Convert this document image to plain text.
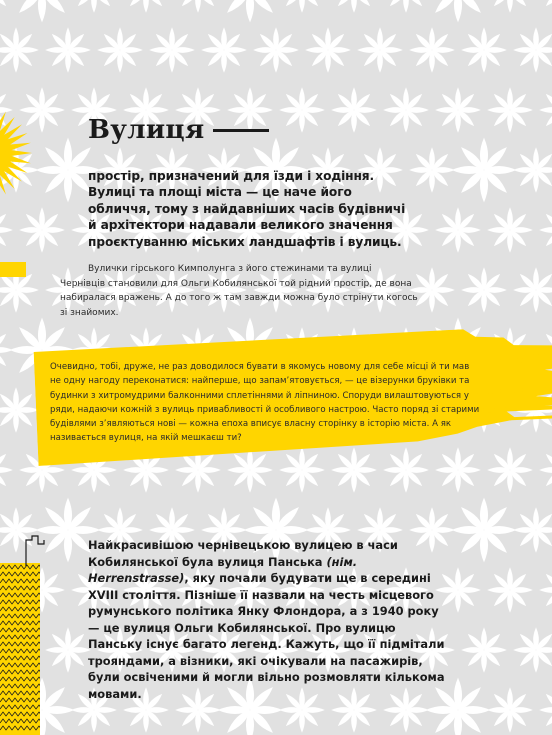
Вулиця

простір, призначений для їзди і ходіння. Вулиці та площі міста — це наче його обличчя, тому з найдавніших часів будівничі й архітектори надавали великого значення проєктуванню міських ландшафтів і вулиць.

Вулички гірського Кимполунга з його стежинами та вулиці Чернівців становили для Ольги Кобилянської той рідний простір, де вона набиралася вражень. А до того ж там завжди можна було стрінути когось зі знайомих.

Очевидно, тобі, друже, не раз доводилося бувати в якомусь новому для себе місці й ти мав не одну нагоду переконатися: найперше, що запам’ятовується, — це візерунки бруківки та будинки з хитромудрими балконними сплетіннями й ліпниною. Споруди вилаштовуються у ряди, надаючи кожній з вулиць привабливості й особливого настрою. Часто поряд зі старими будівлями з’являються нові — кожна епоха вписує власну сторінку в історію міста. А як називається вулиця, на якій мешкаєш ти?

Найкрасивішою чернівецькою вулицею в часи Кобилянської була вулиця Панська (нім. Herrenstrasse), яку почали будувати ще в середині XVIII століття. Пізніше її назвали на честь місцевого румунського політика Янку Флондора, а з 1940 року — це вулиця Ольги Кобилянської. Про вулицю Панську існує багато легенд. Кажуть, що її підмітали трояндами, а візники, які очікували на пасажирів, були освіченими й могли вільно розмовляти кількома мовами.
